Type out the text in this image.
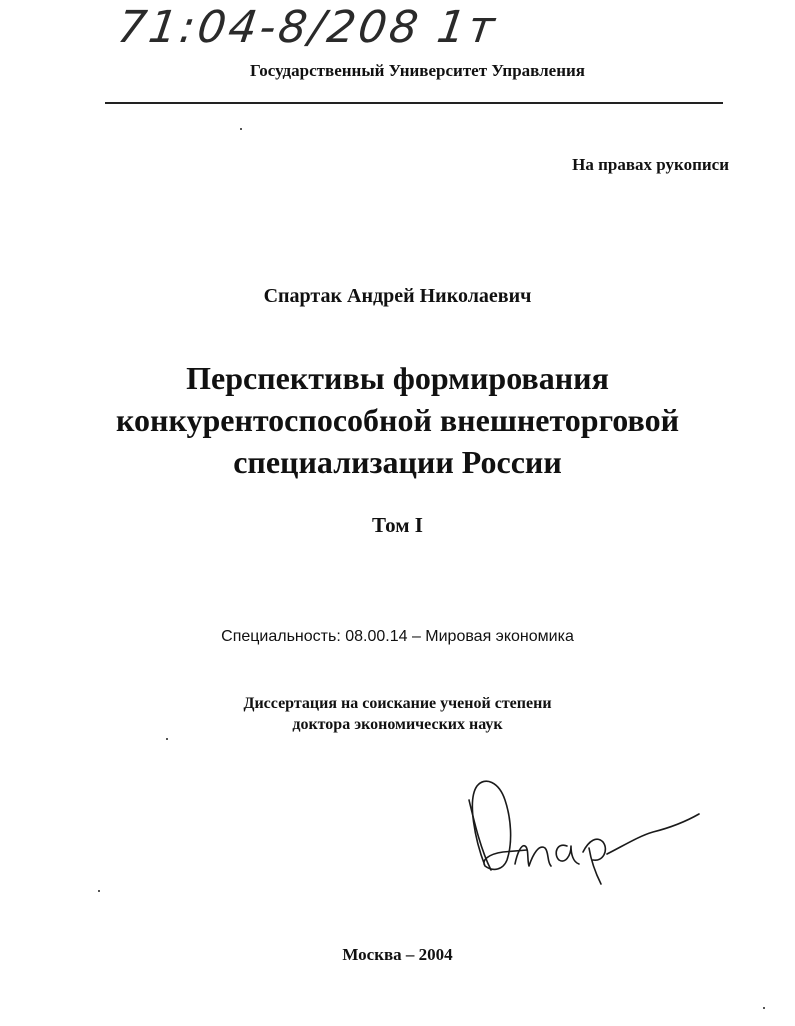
71:04-8/208 1т
Государственный Университет Управления
На правах рукописи
Спартак Андрей Николаевич
Перспективы формирования
конкурентоспособной внешнеторговой
специализации России
Том I
Специальность: 08.00.14 – Мировая экономика
Диссертация на соискание ученой степени
доктора экономических наук
Москва – 2004
